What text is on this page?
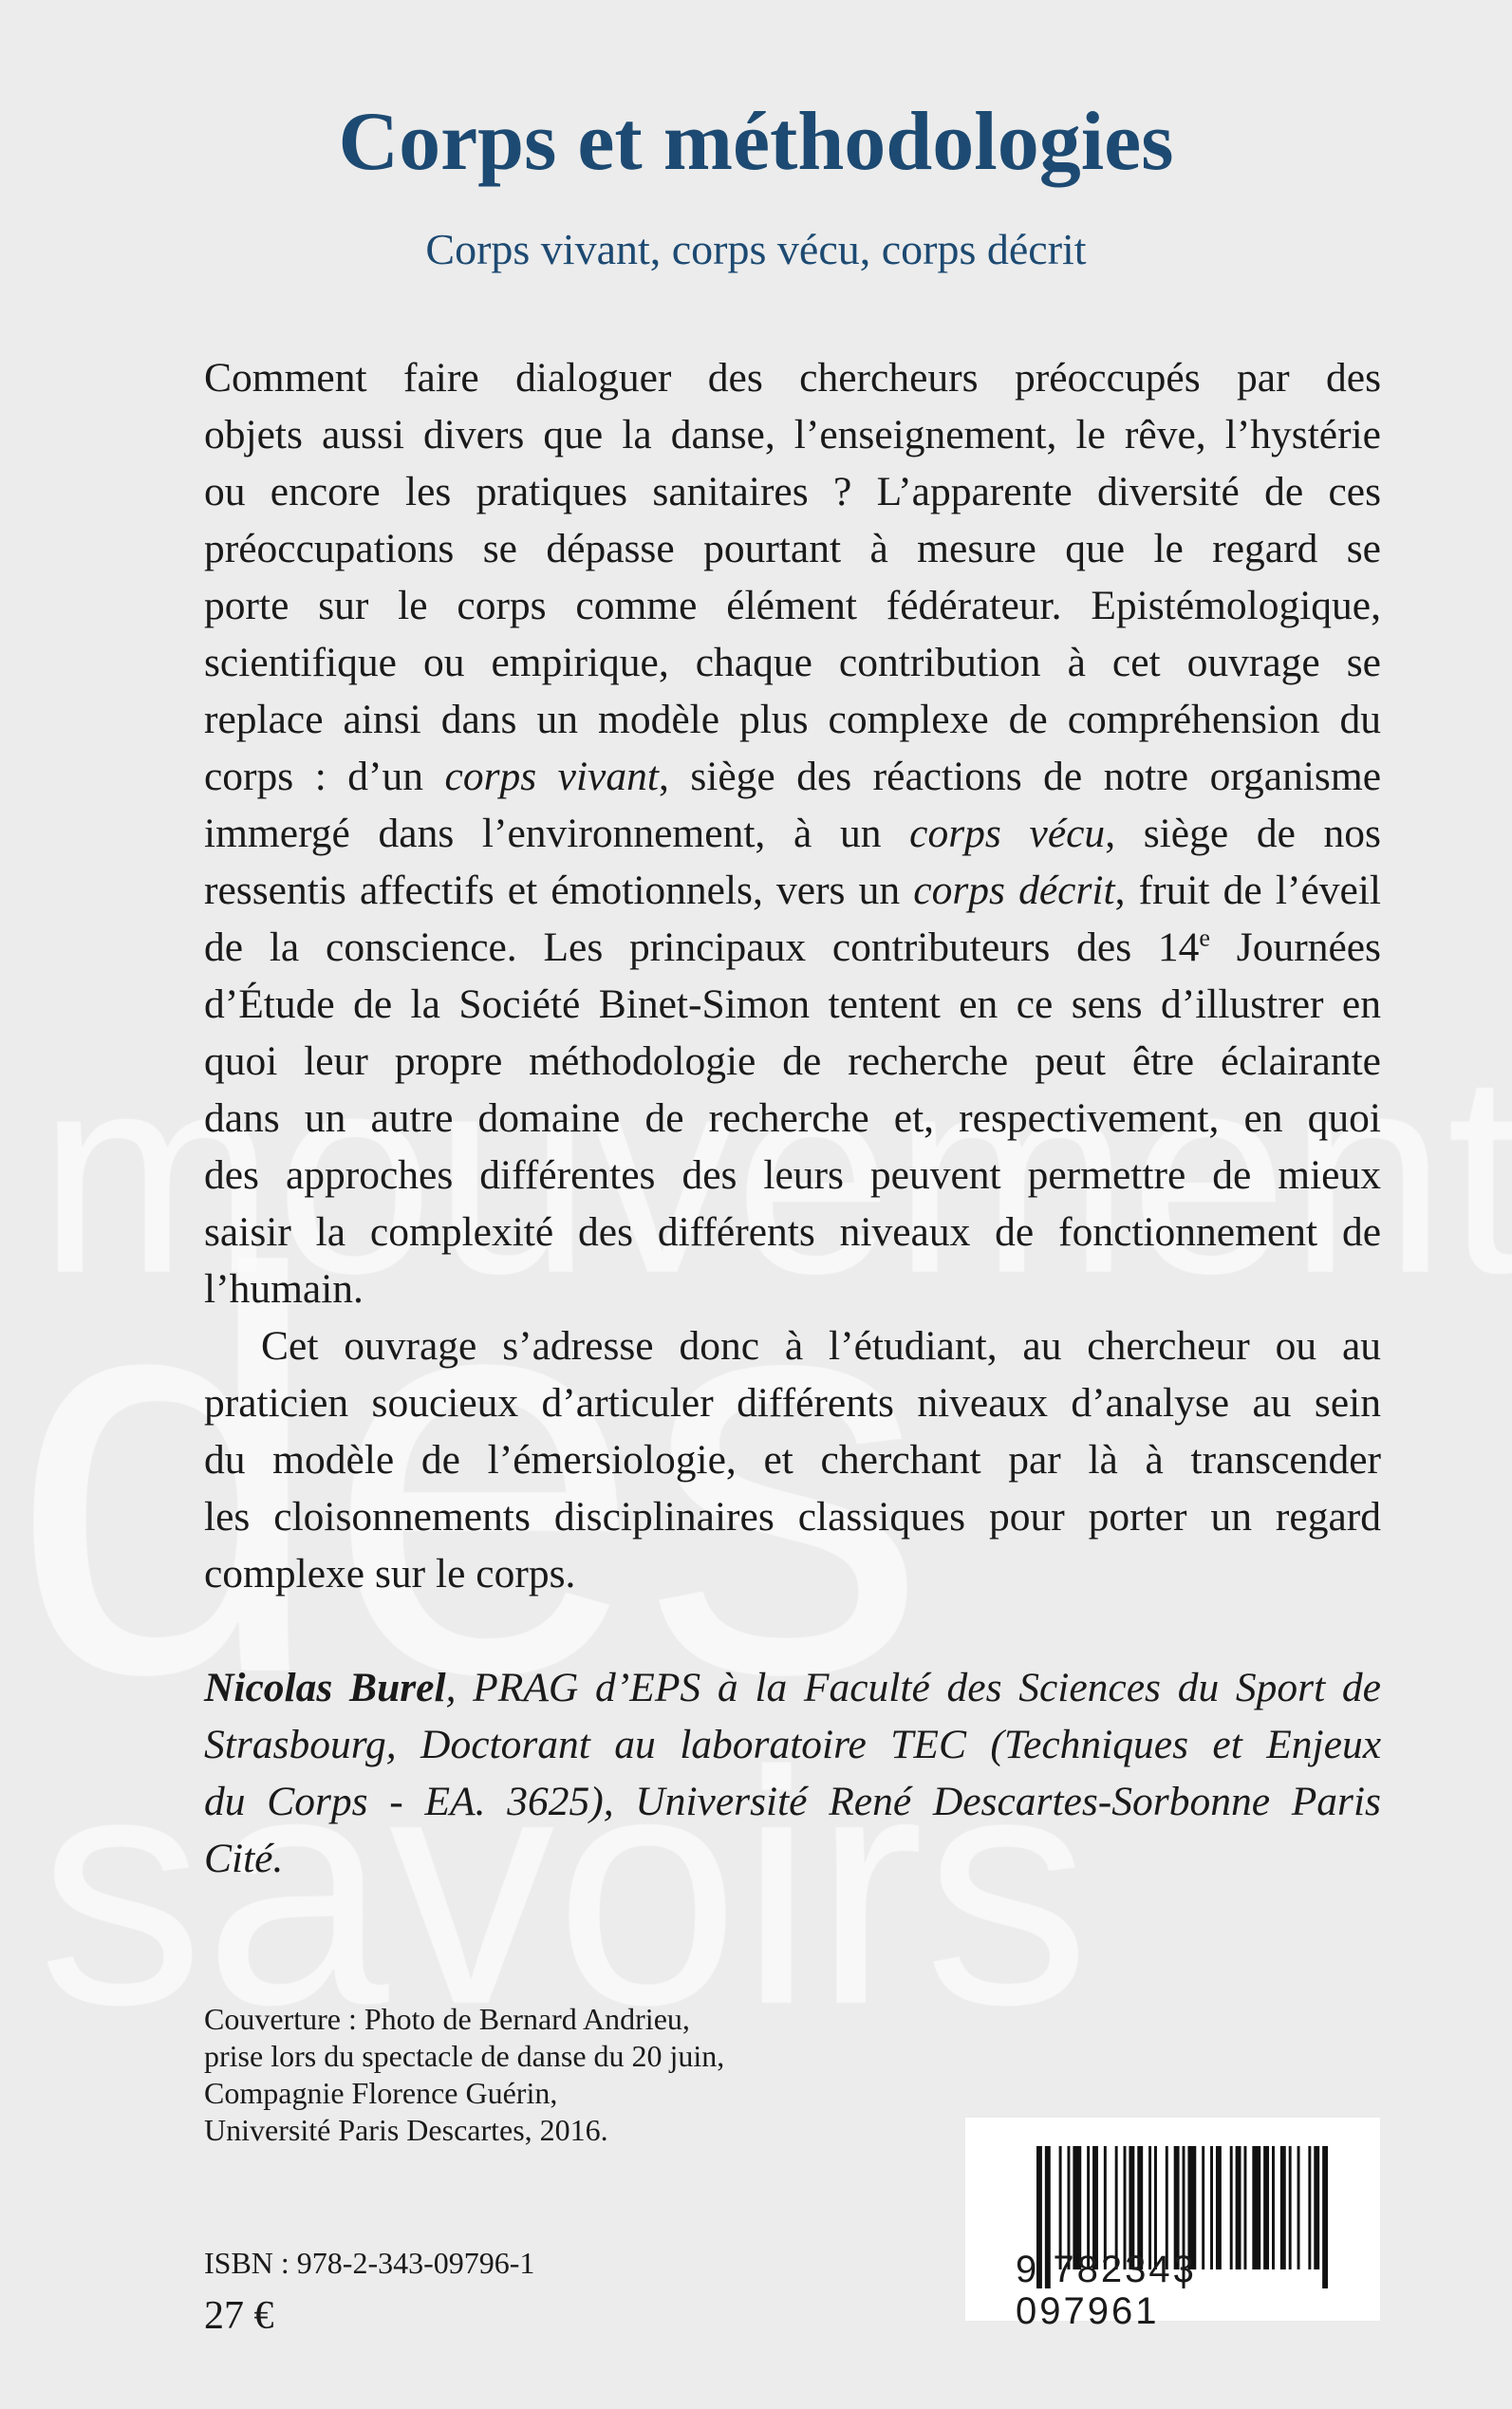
Corps et méthodologies
Corps vivant, corps vécu, corps décrit
Comment faire dialoguer des chercheurs préoccupés par des
objets aussi divers que la danse, l’enseignement, le rêve, l’hystérie
ou encore les pratiques sanitaires ? L’apparente diversité de ces
préoccupations se dépasse pourtant à mesure que le regard se
porte sur le corps comme élément fédérateur. Epistémologique,
scientifique ou empirique, chaque contribution à cet ouvrage se
replace ainsi dans un modèle plus complexe de compréhension du
corps : d’un corps vivant, siège des réactions de notre organisme
immergé dans l’environnement, à un corps vécu, siège de nos
ressentis affectifs et émotionnels, vers un corps décrit, fruit de l’éveil
de la conscience. Les principaux contributeurs des 14e Journées
d’Étude de la Société Binet-Simon tentent en ce sens d’illustrer en
quoi leur propre méthodologie de recherche peut être éclairante
dans un autre domaine de recherche et, respectivement, en quoi
des approches différentes des leurs peuvent permettre de mieux
saisir la complexité des différents niveaux de fonctionnement de
l’humain.
Cet ouvrage s’adresse donc à l’étudiant, au chercheur ou au
praticien soucieux d’articuler différents niveaux d’analyse au sein
du modèle de l’émersiologie, et cherchant par là à transcender
les cloisonnements disciplinaires classiques pour porter un regard
complexe sur le corps.
Nicolas Burel, PRAG d’EPS à la Faculté des Sciences du Sport de
Strasbourg, Doctorant au laboratoire TEC (Techniques et Enjeux
du Corps - EA. 3625), Université René Descartes-Sorbonne Paris
Cité.
Couverture : Photo de Bernard Andrieu,
prise lors du spectacle de danse du 20 juin,
Compagnie Florence Guérin,
Université Paris Descartes, 2016.
ISBN : 978-2-343-09796-1
27 €
9 782343 097961
